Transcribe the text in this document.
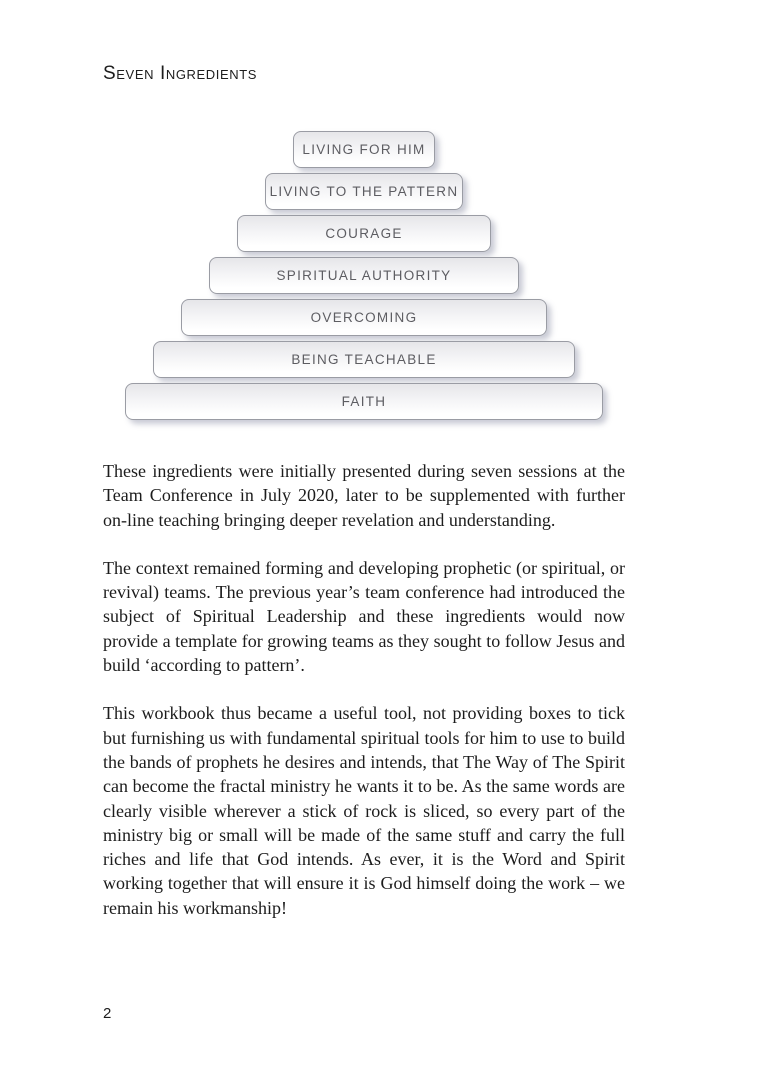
Seven Ingredients
LIVING FOR HIM
LIVING TO THE PATTERN
COURAGE
SPIRITUAL AUTHORITY
OVERCOMING
BEING TEACHABLE
FAITH

These ingredients were initially presented during seven sessions at the Team Conference in July 2020, later to be supplemented with further on-line teaching bringing deeper revelation and understanding.

The context remained forming and developing prophetic (or spiritual, or revival) teams. The previous year’s team conference had introduced the subject of Spiritual Leadership and these ingredients would now provide a template for growing teams as they sought to follow Jesus and build ‘according to pattern’.

This workbook thus became a useful tool, not providing boxes to tick but furnishing us with fundamental spiritual tools for him to use to build the bands of prophets he desires and intends, that The Way of The Spirit can become the fractal ministry he wants it to be. As the same words are clearly visible wherever a stick of rock is sliced, so every part of the ministry big or small will be made of the same stuff and carry the full riches and life that God intends. As ever, it is the Word and Spirit working together that will ensure it is God himself doing the work – we remain his workmanship!

2
